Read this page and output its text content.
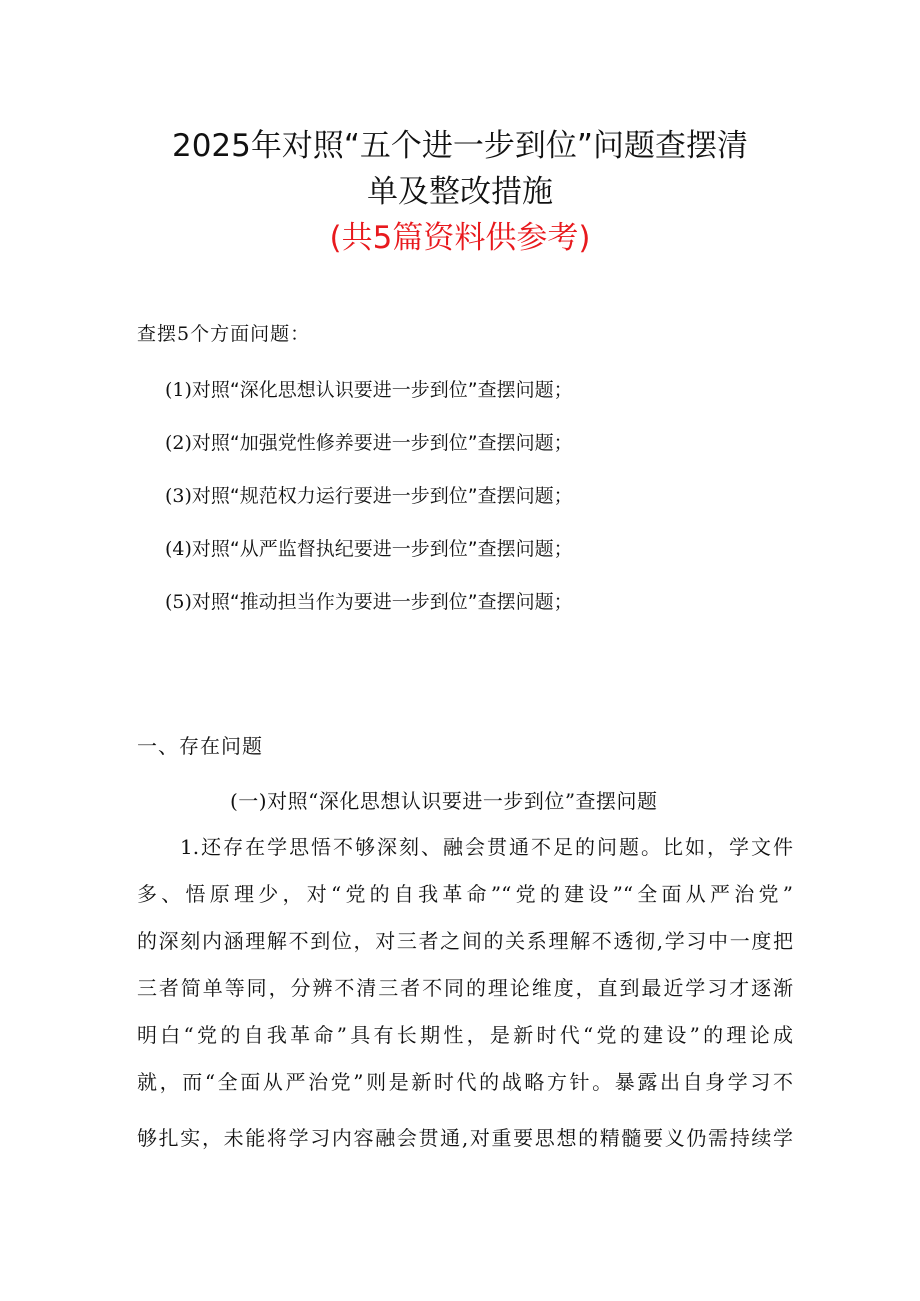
2025年对照“五个进一步到位”问题查摆清
单及整改措施
(共5篇资料供参考)
查摆5个方面问题：
(1)对照“深化思想认识要进一步到位”查摆问题；
(2)对照“加强党性修养要进一步到位”查摆问题；
(3)对照“规范权力运行要进一步到位”查摆问题；
(4)对照“从严监督执纪要进一步到位”查摆问题；
(5)对照“推动担当作为要进一步到位”查摆问题；
一、存在问题
(一)对照“深化思想认识要进一步到位”查摆问题
1.还存在学思悟不够深刻、融会贯通不足的问题。比如，学文件
多、悟原理少，对“党的自我革命”“党的建设”“全面从严治党”
的深刻内涵理解不到位，对三者之间的关系理解不透彻,学习中一度把
三者简单等同，分辨不清三者不同的理论维度，直到最近学习才逐渐
明白“党的自我革命”具有长期性，是新时代“党的建设”的理论成
就，而“全面从严治党”则是新时代的战略方针。暴露出自身学习不
够扎实，未能将学习内容融会贯通,对重要思想的精髓要义仍需持续学
